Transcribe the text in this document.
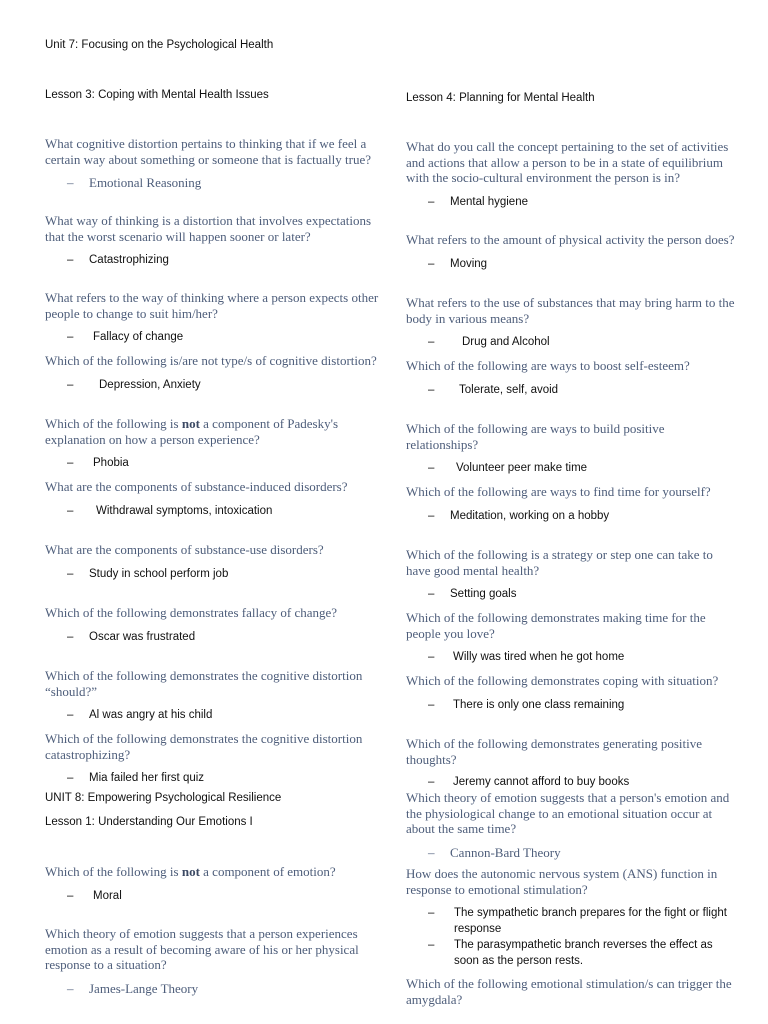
Unit 7: Focusing on the Psychological Health
Lesson 3: Coping with Mental Health Issues

What cognitive distortion pertains to thinking that if we feel a certain way about something or someone that is factually true?

–	Emotional Reasoning

What way of thinking is a distortion that involves expectations that the worst scenario will happen sooner or later?

–	Catastrophizing

What refers to the way of thinking where a person expects other people to change to suit him/her?

–	Fallacy of change

Which of the following is/are not type/s of cognitive distortion?

–	Depression, Anxiety

Which of the following is not a component of Padesky's explanation on how a person experience?

–	Phobia

What are the components of substance-induced disorders?

–	Withdrawal symptoms, intoxication

What are the components of substance-use disorders?

–	Study in school perform job

Which of the following demonstrates fallacy of change?

–	Oscar was frustrated

Which of the following demonstrates the cognitive distortion “should?”

–	Al was angry at his child

Which of the following demonstrates the cognitive distortion catastrophizing?

–	Mia failed her first quiz
UNIT 8: Empowering Psychological Resilience
Lesson 1: Understanding Our Emotions I

Which of the following is not a component of emotion?

–	Moral

Which theory of emotion suggests that a person experiences emotion as a result of becoming aware of his or her physical response to a situation?

–	James-Lange Theory
Lesson 4: Planning for Mental Health

What do you call the concept pertaining to the set of activities and actions that allow a person to be in a state of equilibrium with the socio-cultural environment the person is in?

–	Mental hygiene

What refers to the amount of physical activity the person does?

–	Moving

What refers to the use of substances that may bring harm to the body in various means?

–	Drug and Alcohol

Which of the following are ways to boost self-esteem?

–	Tolerate, self, avoid

Which of the following are ways to build positive relationships?

–	Volunteer peer make time

Which of the following are ways to find time for yourself?

–	Meditation, working on a hobby

Which of the following is a strategy or step one can take to have good mental health?

–	Setting goals

Which of the following demonstrates making time for the people you love?

–	Willy was tired when he got home

Which of the following demonstrates coping with situation?

–	There is only one class remaining

Which of the following demonstrates generating positive thoughts?

–	Jeremy cannot afford to buy books

Which theory of emotion suggests that a person's emotion and the physiological change to an emotional situation occur at about the same time?

–	Cannon-Bard Theory

How does the autonomic nervous system (ANS) function in response to emotional stimulation?

–	The sympathetic branch prepares for the fight or flight response
–	The parasympathetic branch reverses the effect as soon as the person rests.

Which of the following emotional stimulation/s can trigger the amygdala?
